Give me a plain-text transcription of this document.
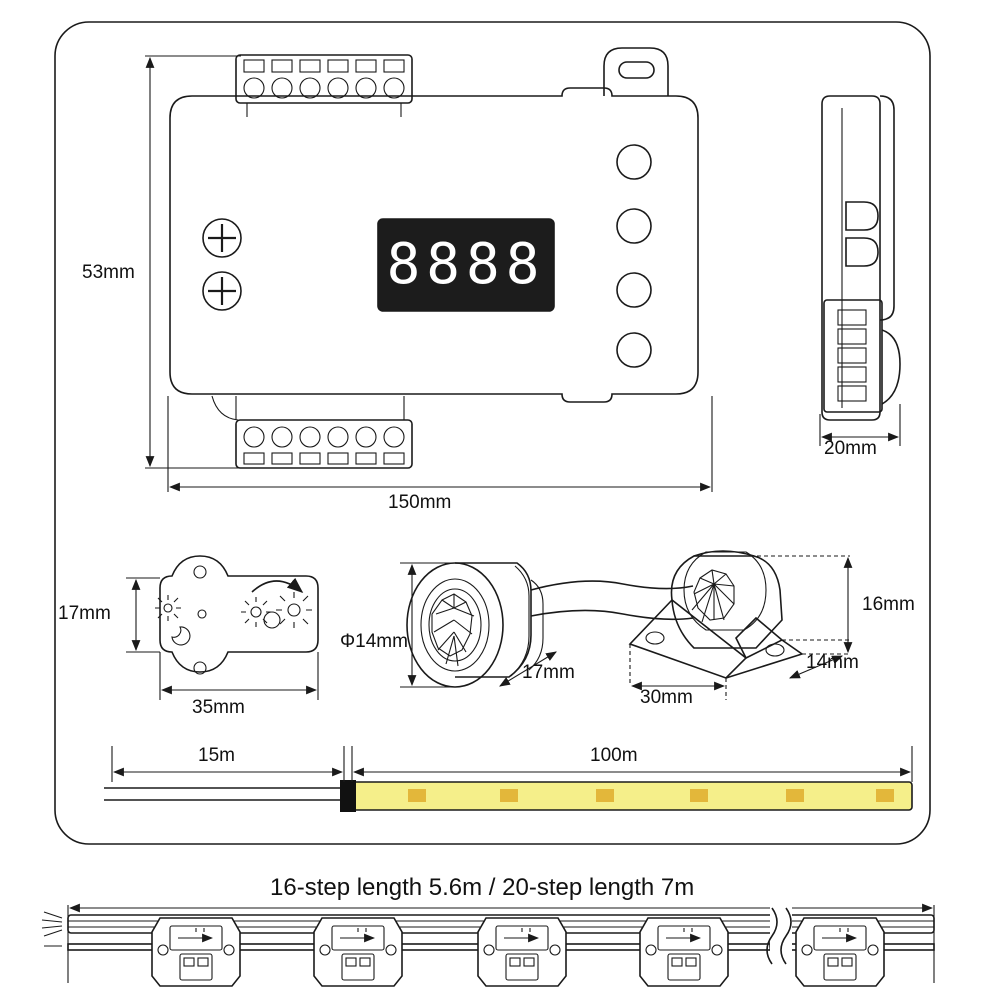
8888
53mm
150mm
20mm
17mm
35mm
Φ14mm
17mm
30mm
14mm
16mm
15m	100m
16-step length 5.6m / 20-step length 7m
